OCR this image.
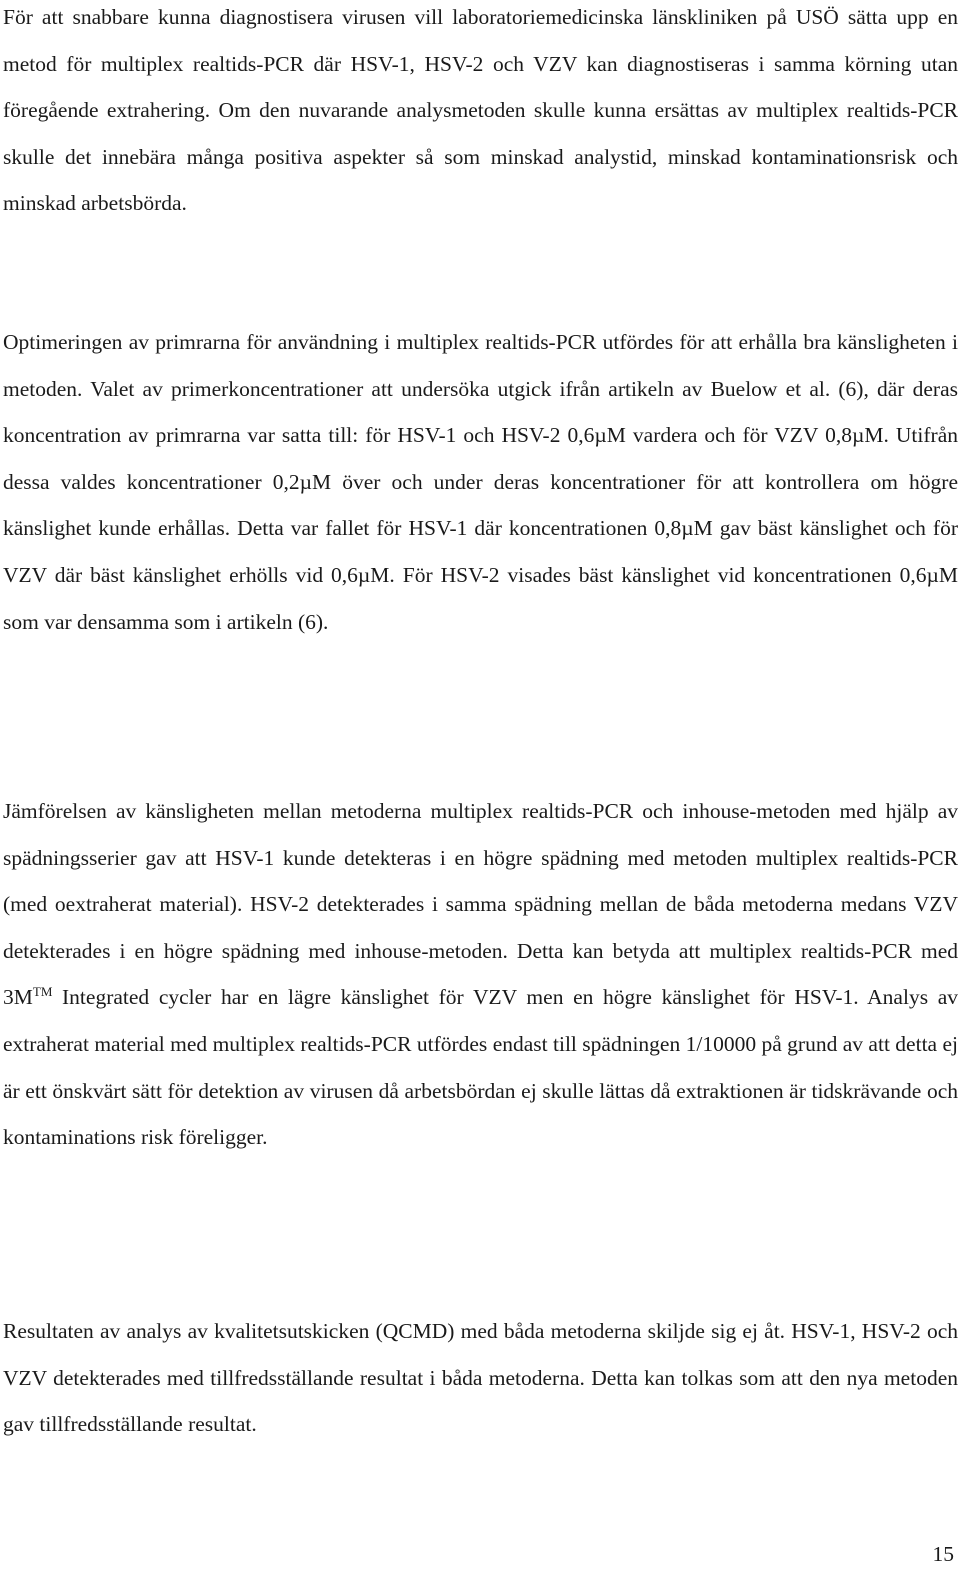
För att snabbare kunna diagnostisera virusen vill laboratoriemedicinska länskliniken på USÖ sätta upp en metod för multiplex realtids-PCR där HSV-1, HSV-2 och VZV kan diagnostiseras i samma körning utan föregående extrahering. Om den nuvarande analysmetoden skulle kunna ersättas av multiplex realtids-PCR skulle det innebära många positiva aspekter så som minskad analystid, minskad kontaminationsrisk och minskad arbetsbörda.

Optimeringen av primrarna för användning i multiplex realtids-PCR utfördes för att erhålla bra känsligheten i metoden. Valet av primerkoncentrationer att undersöka utgick ifrån artikeln av Buelow et al. (6), där deras koncentration av primrarna var satta till: för HSV-1 och HSV-2 0,6µM vardera och för VZV 0,8µM. Utifrån dessa valdes koncentrationer 0,2µM över och under deras koncentrationer för att kontrollera om högre känslighet kunde erhållas. Detta var fallet för HSV-1 där koncentrationen 0,8µM gav bäst känslighet och för VZV där bäst känslighet erhölls vid 0,6µM. För HSV-2 visades bäst känslighet vid koncentrationen 0,6µM som var densamma som i artikeln (6).

Jämförelsen av känsligheten mellan metoderna multiplex realtids-PCR och inhouse-metoden med hjälp av spädningsserier gav att HSV-1 kunde detekteras i en högre spädning med metoden multiplex realtids-PCR (med oextraherat material). HSV-2 detekterades i samma spädning mellan de båda metoderna medans VZV detekterades i en högre spädning med inhouse-metoden. Detta kan betyda att multiplex realtids-PCR med 3M™ Integrated cycler har en lägre känslighet för VZV men en högre känslighet för HSV-1. Analys av extraherat material med multiplex realtids-PCR utfördes endast till spädningen 1/10000 på grund av att detta ej är ett önskvärt sätt för detektion av virusen då arbetsbördan ej skulle lättas då extraktionen är tidskrävande och kontaminations risk föreligger.

Resultaten av analys av kvalitetsutskicken (QCMD) med båda metoderna skiljde sig ej åt. HSV-1, HSV-2 och VZV detekterades med tillfredsställande resultat i båda metoderna. Detta kan tolkas som att den nya metoden gav tillfredsställande resultat.

15
